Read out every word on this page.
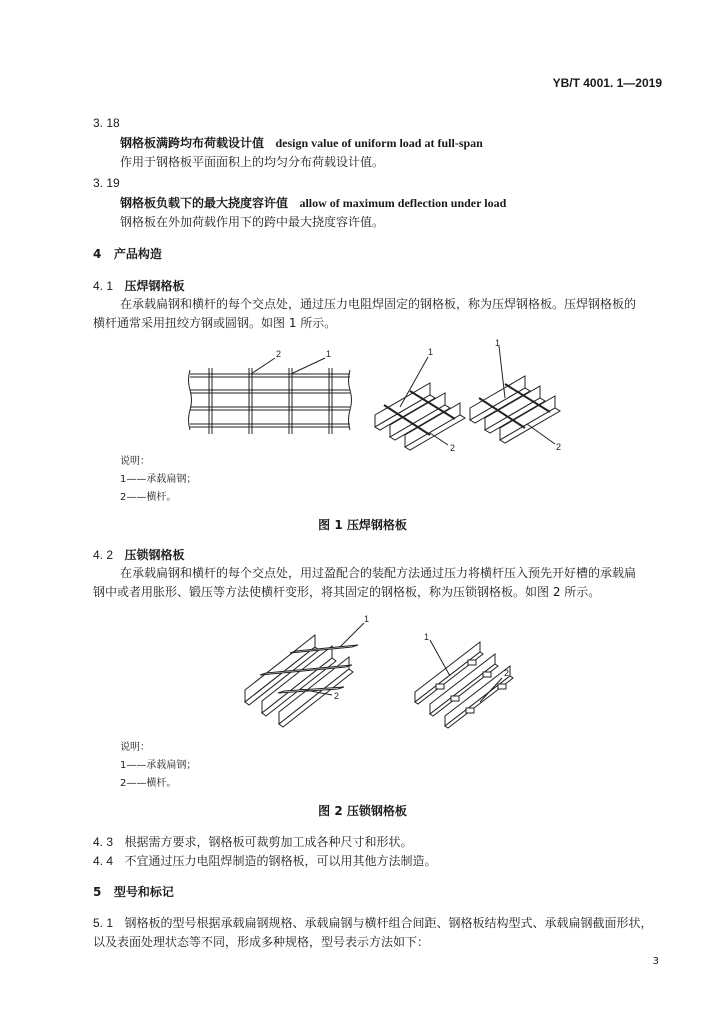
YB/T 4001. 1—2019
3. 18
钢格板满跨均布荷载设计值 design value of uniform load at full-span
作用于钢格板平面面积上的均匀分布荷载设计值。
3. 19
钢格板负载下的最大挠度容许值 allow of maximum deflection under load
钢格板在外加荷载作用下的跨中最大挠度容许值。
4 产品构造
4. 1 压焊钢格板
在承载扁钢和横杆的每个交点处，通过压力电阻焊固定的钢格板，称为压焊钢格板。压焊钢格板的
横杆通常采用扭绞方钢或圆钢。如图 1 所示。
2	1	1
2
1
2
说明：
1——承载扁钢；
2——横杆。
图 1 压焊钢格板
4. 2 压锁钢格板
在承载扁钢和横杆的每个交点处，用过盈配合的装配方法通过压力将横杆压入预先开好槽的承载扁
钢中或者用胀形、锻压等方法使横杆变形，将其固定的钢格板，称为压锁钢格板。如图 2 所示。
1
2
1
2
说明：
1——承载扁钢；
2——横杆。
图 2 压锁钢格板
4. 3 根据需方要求，钢格板可裁剪加工成各种尺寸和形状。
4. 4 不宜通过压力电阻焊制造的钢格板，可以用其他方法制造。
5 型号和标记
5. 1 钢格板的型号根据承载扁钢规格、承载扁钢与横杆组合间距、钢格板结构型式、承载扁钢截面形状，
以及表面处理状态等不同，形成多种规格，型号表示方法如下：
3
